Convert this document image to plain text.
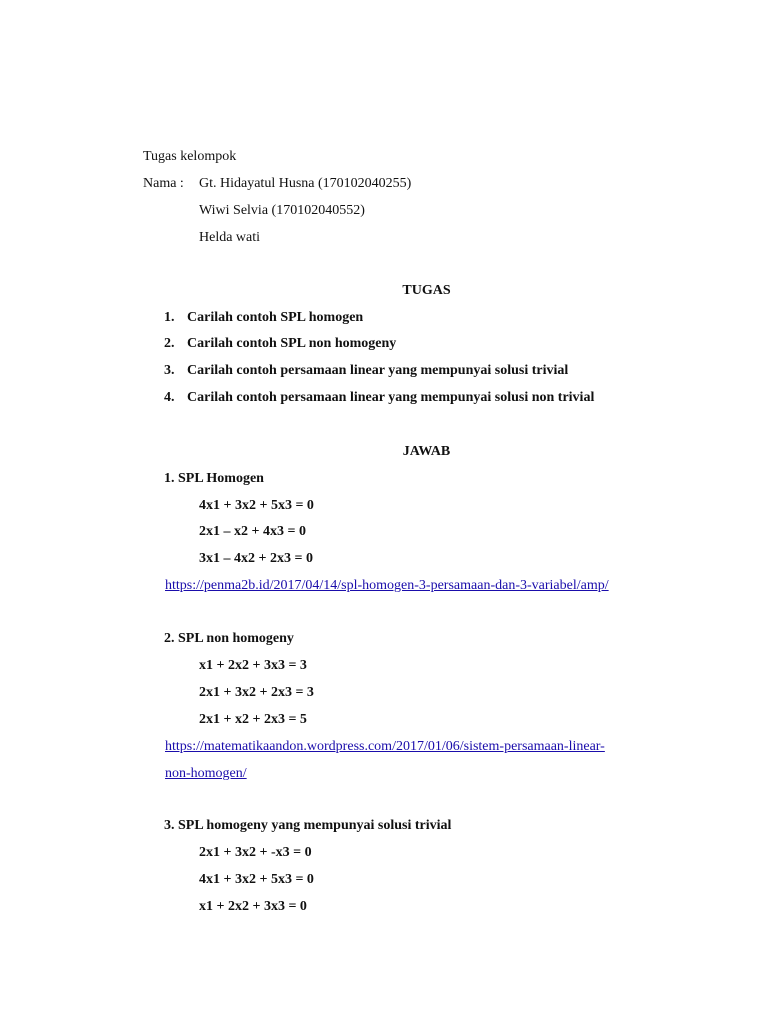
Tugas kelompok
Nama : Gt. Hidayatul Husna (170102040255)
Wiwi Selvia (170102040552)
Helda wati
TUGAS
1. Carilah contoh SPL homogen
2. Carilah contoh SPL non homogeny
3. Carilah contoh persamaan linear yang mempunyai solusi trivial
4. Carilah contoh persamaan linear yang mempunyai solusi non trivial
JAWAB
1. SPL Homogen
4x1 + 3x2 + 5x3 = 0
2x1 – x2 + 4x3 = 0
3x1 – 4x2 + 2x3 = 0
https://penma2b.id/2017/04/14/spl-homogen-3-persamaan-dan-3-variabel/amp/
2. SPL non homogeny
x1 + 2x2 + 3x3 = 3
2x1 + 3x2 + 2x3 = 3
2x1 + x2 + 2x3 = 5
https://matematikaandon.wordpress.com/2017/01/06/sistem-persamaan-linear-
non-homogen/
3. SPL homogeny yang mempunyai solusi trivial
2x1 + 3x2 + -x3 = 0
4x1 + 3x2 + 5x3 = 0
x1 + 2x2 + 3x3 = 0
